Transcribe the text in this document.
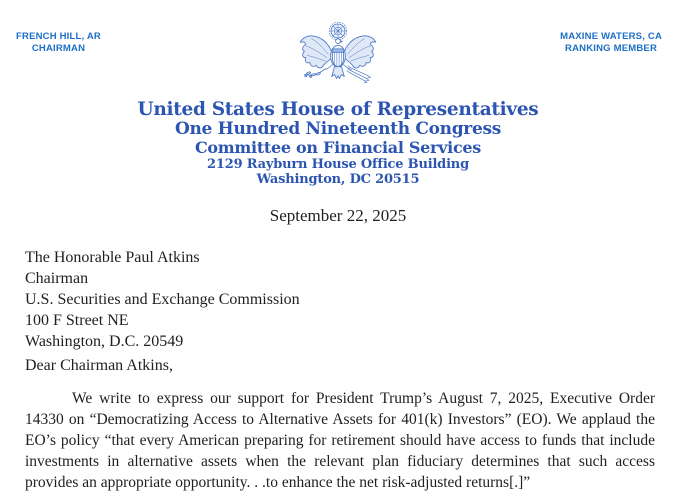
FRENCH HILL, AR
CHAIRMAN
MAXINE WATERS, CA
RANKING MEMBER
United States House of Representatives
One Hundred Nineteenth Congress
Committee on Financial Services
2129 Rayburn House Office Building
Washington, DC 20515
September 22, 2025
The Honorable Paul Atkins
Chairman
U.S. Securities and Exchange Commission
100 F Street NE
Washington, D.C. 20549
Dear Chairman Atkins,
We write to express our support for President Trump’s August 7, 2025, Executive Order 14330 on “Democratizing Access to Alternative Assets for 401(k) Investors” (EO). We applaud the EO’s policy “that every American preparing for retirement should have access to funds that include investments in alternative assets when the relevant plan fiduciary determines that such access provides an appropriate opportunity. . .to enhance the net risk-adjusted returns[.]”
